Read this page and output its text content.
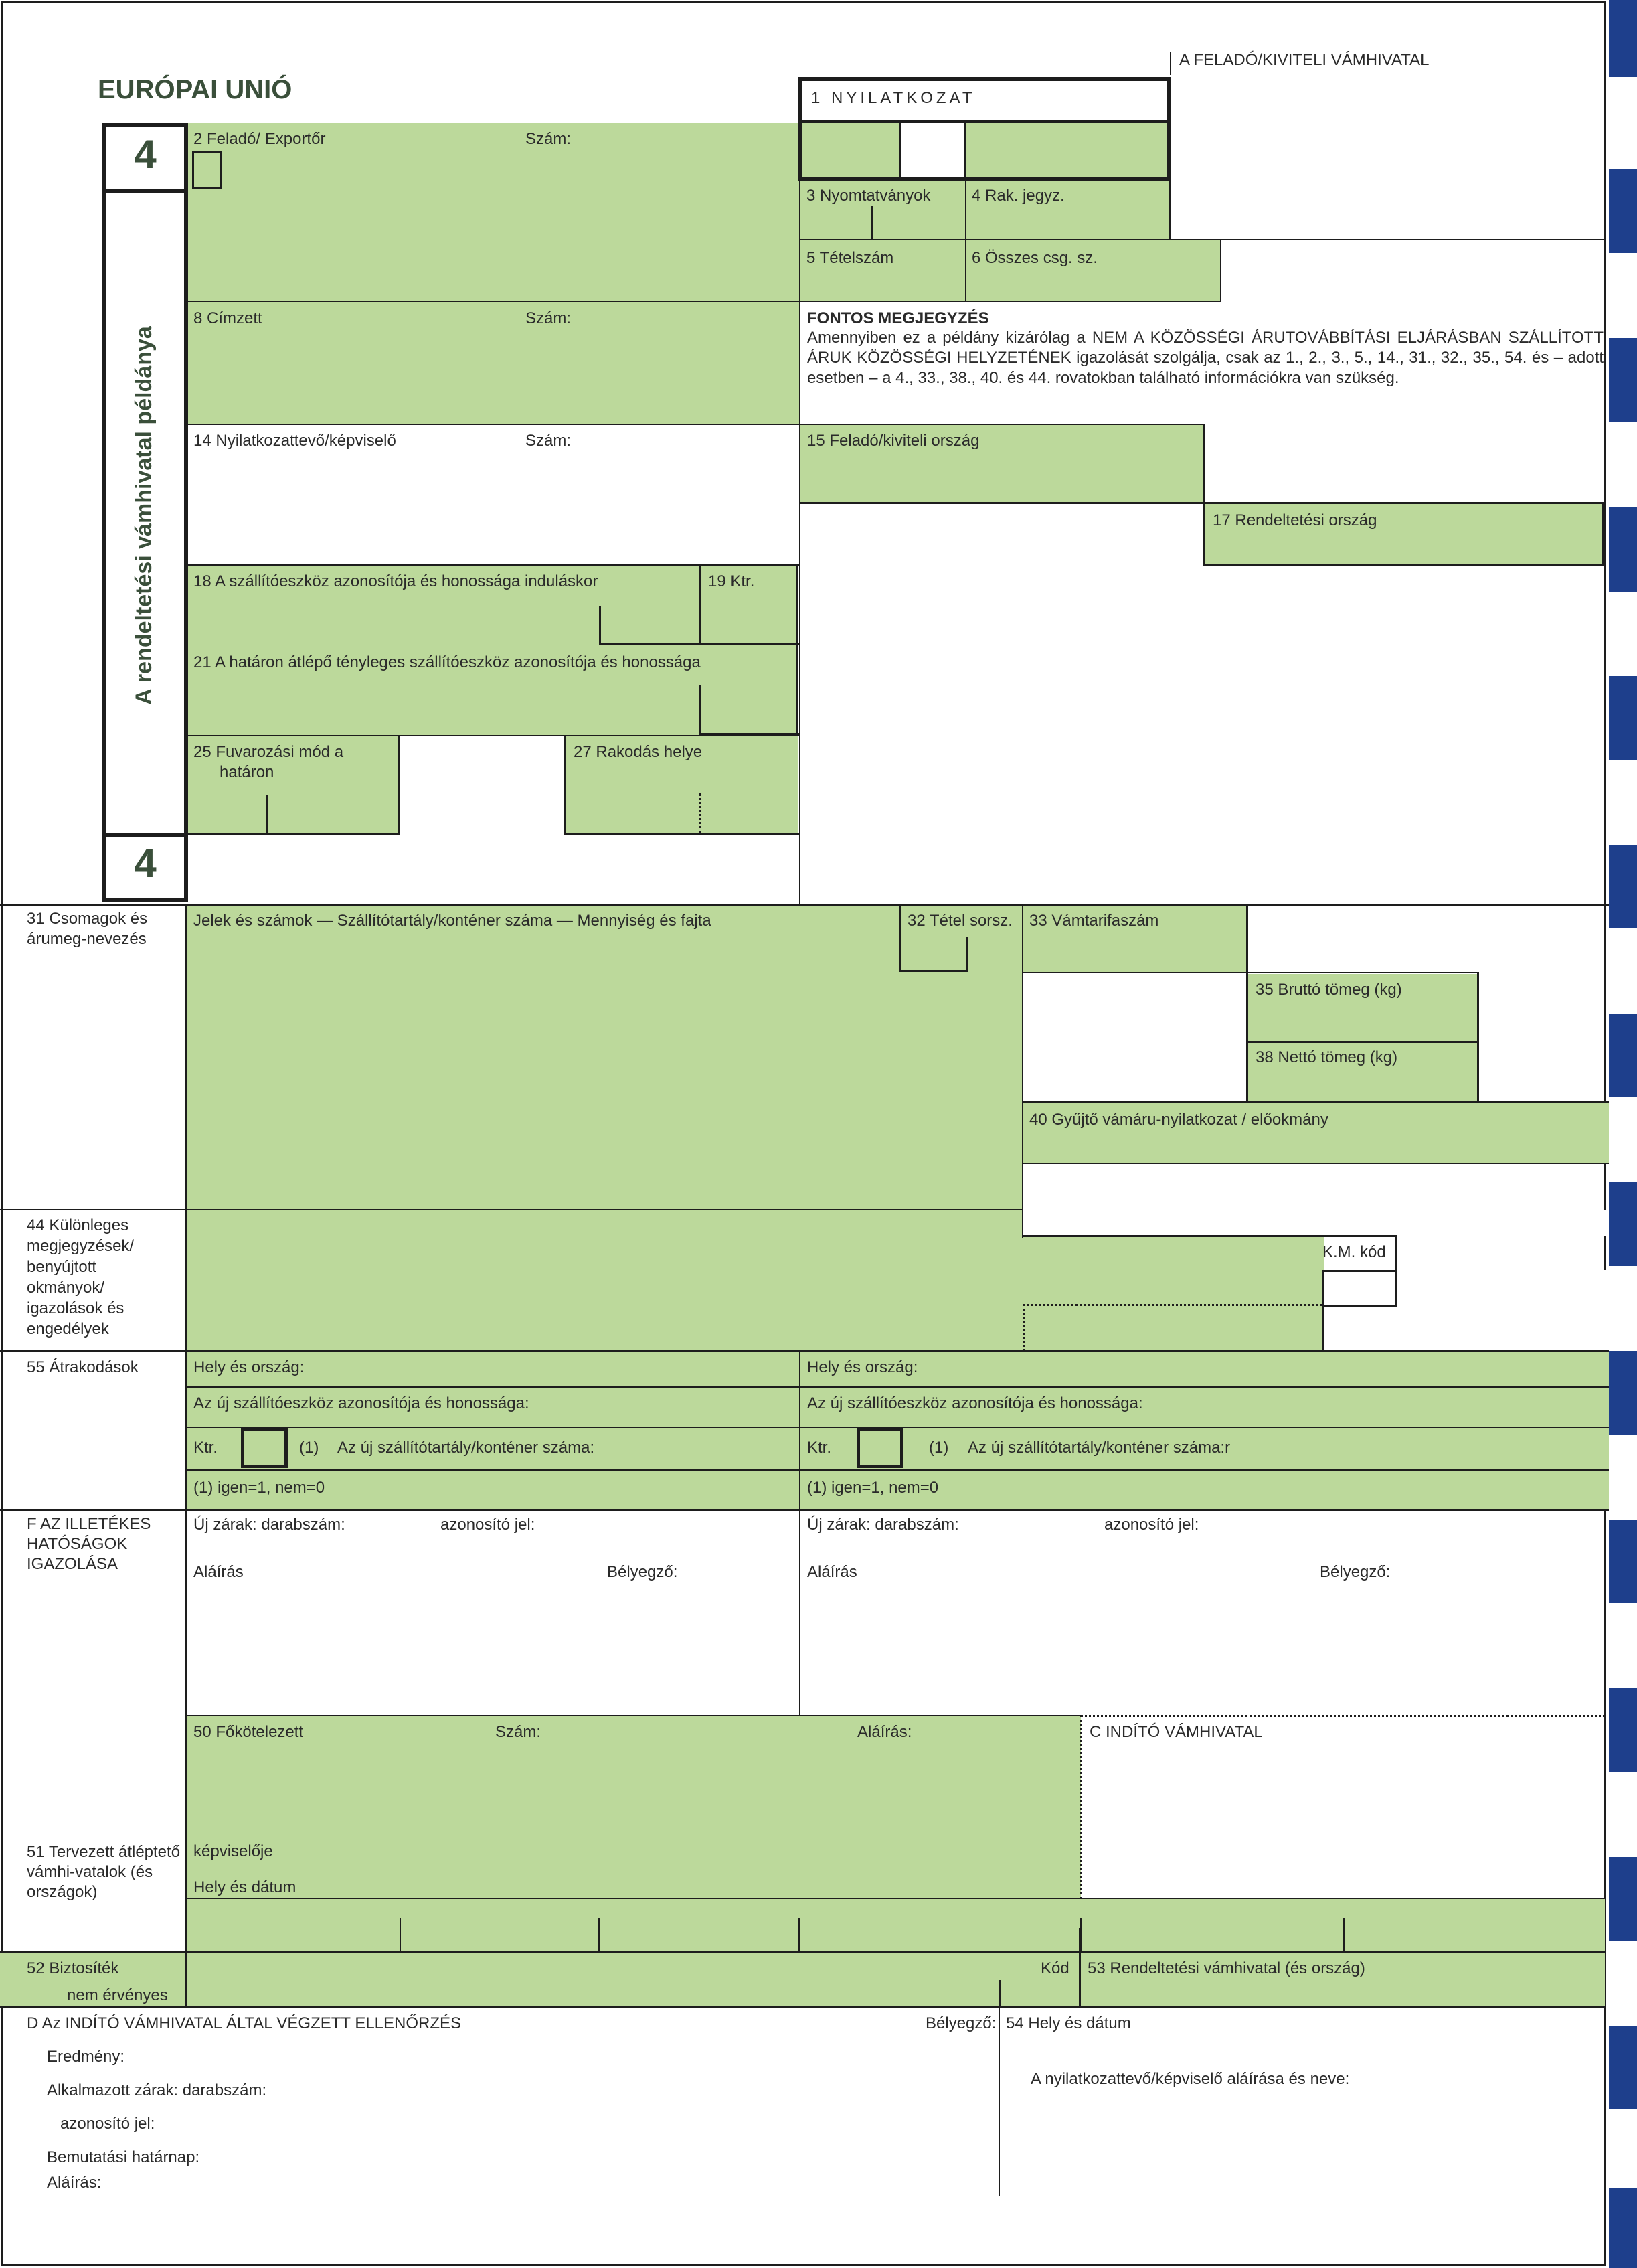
EURÓPAI UNIÓ
A FELADÓ/KIVITELI VÁMHIVATAL
1 NYILATKOZAT
4
4
A rendeltetési vámhivatal példánya
2 Feladó/ Exportőr	Szám:
3 Nyomtatványok	4 Rak. jegyz.
5 Tételszám	6 Összes csg. sz.
8 Címzett	Szám:	FONTOS MEGJEGYZÉS
Amennyiben ez a példány kizárólag a NEM A KÖZÖSSÉGI ÁRUTOVÁBBÍTÁSI ELJÁRÁSBAN SZÁLLÍTOTT ÁRUK KÖZÖSSÉGI HELYZETÉNEK igazolását szolgálja, csak az 1., 2., 3., 5., 14., 31., 32., 35., 54. és – adott esetben – a 4., 33., 38., 40. és 44. rovatokban található információkra van szükség.
14 Nyilatkozattevő/képviselő	Szám:	15 Feladó/kiviteli ország
17 Rendeltetési ország
18 A szállítóeszköz azonosítója és honossága induláskor	19 Ktr.
21 A határon átlépő tényleges szállítóeszköz azonosítója és honossága
25 Fuvarozási mód a
határon
27 Rakodás helye
31 Csomagok és árumeg-nevezés
Jelek és számok — Szállítótartály/konténer száma — Mennyiség és fajta	32 Tétel sorsz.	33 Vámtarifaszám
35 Bruttó tömeg (kg)
38 Nettó tömeg (kg)
40 Gyűjtő vámáru-nyilatkozat / előokmány
44 Különleges megjegyzések/ benyújtott okmányok/ igazolások és engedélyek
K.M. kód
55 Átrakodások	Hely és ország:	Hely és ország:
Az új szállítóeszköz azonosítója és honossága:	Az új szállítóeszköz azonosítója és honossága:
Ktr.	(1) Az új szállítótartály/konténer száma:	Ktr.	(1) Az új szállítótartály/konténer száma:r
(1) igen=1, nem=0	(1) igen=1, nem=0
F AZ ILLETÉKES HATÓSÁGOK IGAZOLÁSA
Új zárak: darabszám:	azonosító jel:	Új zárak: darabszám:	azonosító jel:
Aláírás	Bélyegző:	Aláírás	Bélyegző:
50 Főkötelezett	Szám:	Aláírás:	C INDÍTÓ VÁMHIVATAL
képviselője
Hely és dátum
51 Tervezett átléptető vámhi-vatalok (és országok)
52 Biztosíték
nem érvényes
Kód 53 Rendeltetési vámhivatal (és ország)
D Az INDÍTÓ VÁMHIVATAL ÁLTAL VÉGZETT ELLENŐRZÉS	Bélyegző: 54 Hely és dátum
Eredmény:
Alkalmazott zárak: darabszám:
azonosító jel:
Bemutatási határnap:
Aláírás:
A nyilatkozattevő/képviselő aláírása és neve:
